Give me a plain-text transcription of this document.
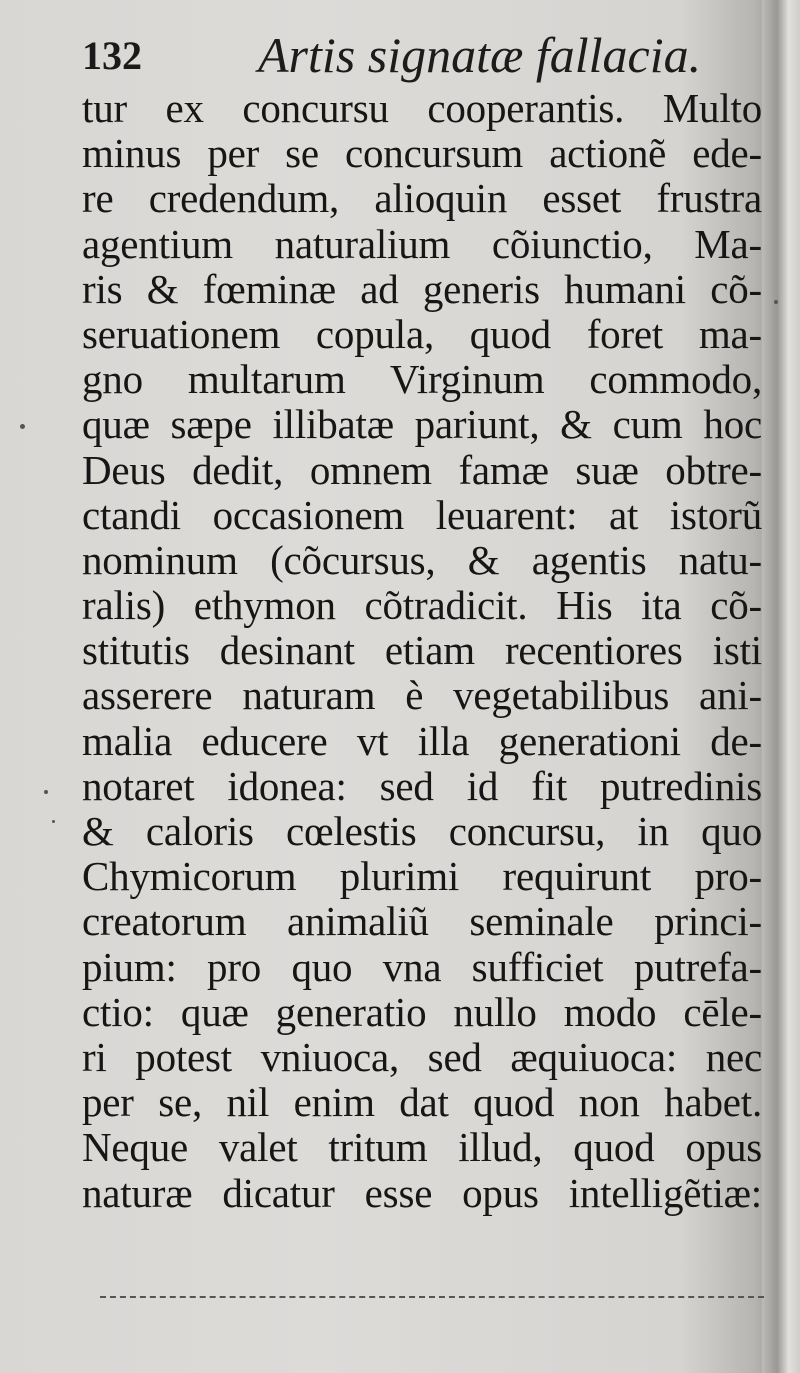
132 Artis signatæ fallacia.
tur ex concursu cooperantis. Multo
minus per se concursum actionẽ ede-
re credendum, alioquin esset frustra
agentium naturalium cõiunctio, Ma-
ris & fœminæ ad generis humani cõ-
seruationem copula, quod foret ma-
gno multarum Virginum commodo,
quæ sæpe illibatæ pariunt, & cum hoc
Deus dedit, omnem famæ suæ obtre-
ctandi occasionem leuarent: at istorũ
nominum (cõcursus, & agentis natu-
ralis) ethymon cõtradicit. His ita cõ-
stitutis desinant etiam recentiores isti
asserere naturam è vegetabilibus ani-
malia educere vt illa generationi de-
notaret idonea: sed id fit putredinis
& caloris cœlestis concursu, in quo
Chymicorum plurimi requirunt pro-
creatorum animaliũ seminale princi-
pium: pro quo vna sufficiet putrefa-
ctio: quæ generatio nullo modo cēle-
ri potest vniuoca, sed æquiuoca: nec
per se, nil enim dat quod non habet.
Neque valet tritum illud, quod opus
naturæ dicatur esse opus intelligẽtiæ:
